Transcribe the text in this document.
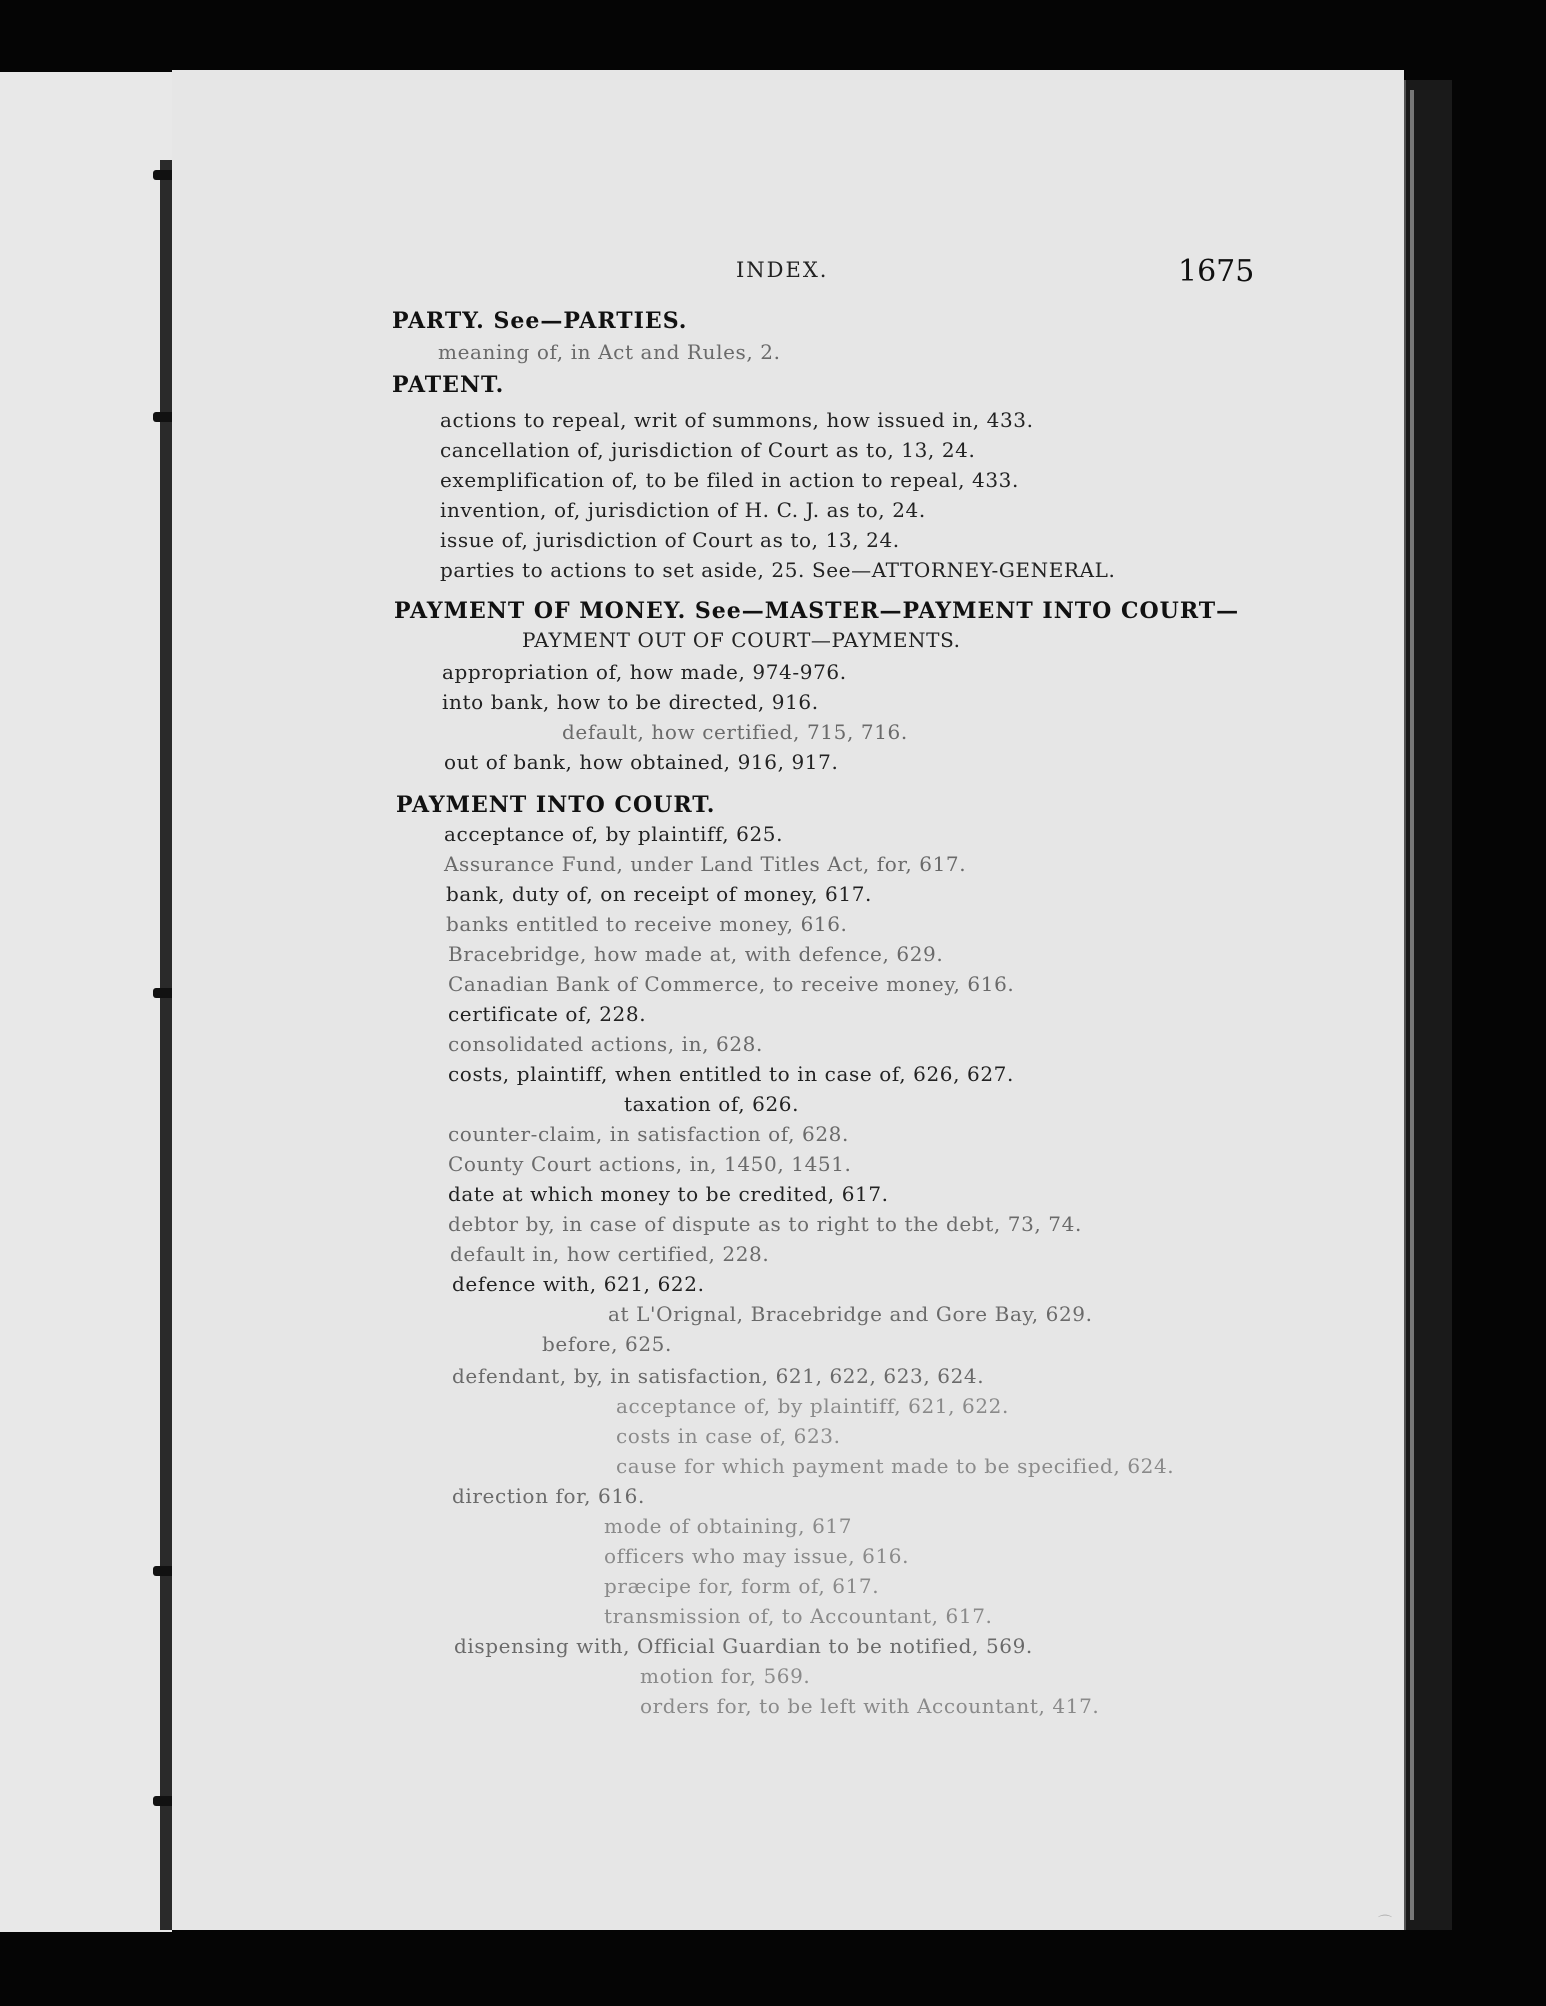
INDEX.	1675
PARTY. See—PARTIES.
meaning of, in Act and Rules, 2.
PATENT.
actions to repeal, writ of summons, how issued in, 433.
cancellation of, jurisdiction of Court as to, 13, 24.
exemplification of, to be filed in action to repeal, 433.
invention, of, jurisdiction of H. C. J. as to, 24.
issue of, jurisdiction of Court as to, 13, 24.
parties to actions to set aside, 25. See—ATTORNEY-GENERAL.
PAYMENT OF MONEY. See—MASTER—PAYMENT INTO COURT—
PAYMENT OUT OF COURT—PAYMENTS.
appropriation of, how made, 974-976.
into bank, how to be directed, 916.
default, how certified, 715, 716.
out of bank, how obtained, 916, 917.
PAYMENT INTO COURT.
acceptance of, by plaintiff, 625.
Assurance Fund, under Land Titles Act, for, 617.
bank, duty of, on receipt of money, 617.
banks entitled to receive money, 616.
Bracebridge, how made at, with defence, 629.
Canadian Bank of Commerce, to receive money, 616.
certificate of, 228.
consolidated actions, in, 628.
costs, plaintiff, when entitled to in case of, 626, 627.
taxation of, 626.
counter-claim, in satisfaction of, 628.
County Court actions, in, 1450, 1451.
date at which money to be credited, 617.
debtor by, in case of dispute as to right to the debt, 73, 74.
default in, how certified, 228.
defence with, 621, 622.
at L'Orignal, Bracebridge and Gore Bay, 629.
before, 625.
defendant, by, in satisfaction, 621, 622, 623, 624.
acceptance of, by plaintiff, 621, 622.
costs in case of, 623.
cause for which payment made to be specified, 624.
direction for, 616.
mode of obtaining, 617
officers who may issue, 616.
præcipe for, form of, 617.
transmission of, to Accountant, 617.
dispensing with, Official Guardian to be notified, 569.
motion for, 569.
orders for, to be left with Accountant, 417.
⌒
